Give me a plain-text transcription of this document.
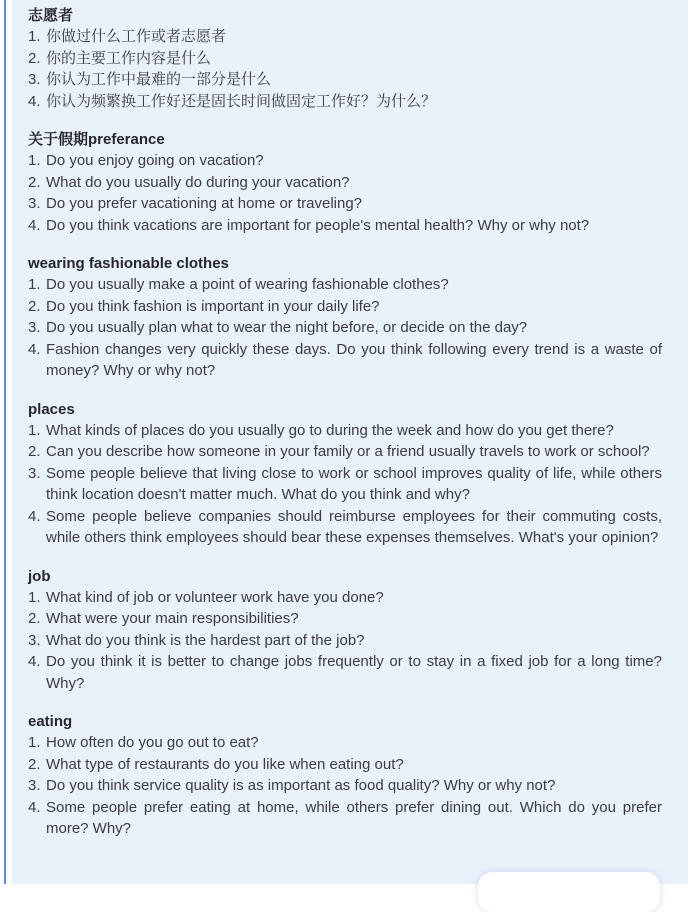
志愿者
你做过什么工作或者志愿者
你的主要工作内容是什么
你认为工作中最难的一部分是什么
你认为频繁换工作好还是固长时间做固定工作好？为什么？
关于假期preferance
Do you enjoy going on vacation?
What do you usually do during your vacation?
Do you prefer vacationing at home or traveling?
Do you think vacations are important for people's mental health? Why or why not?
wearing fashionable clothes
Do you usually make a point of wearing fashionable clothes?
Do you think fashion is important in your daily life?
Do you usually plan what to wear the night before, or decide on the day?
Fashion changes very quickly these days. Do you think following every trend is a waste of money? Why or why not?
places
What kinds of places do you usually go to during the week and how do you get there?
Can you describe how someone in your family or a friend usually travels to work or school?
Some people believe that living close to work or school improves quality of life, while others think location doesn't matter much. What do you think and why?
Some people believe companies should reimburse employees for their commuting costs, while others think employees should bear these expenses themselves. What's your opinion?
job
What kind of job or volunteer work have you done?
What were your main responsibilities?
What do you think is the hardest part of the job?
Do you think it is better to change jobs frequently or to stay in a fixed job for a long time? Why?
eating
How often do you go out to eat?
What type of restaurants do you like when eating out?
Do you think service quality is as important as food quality? Why or why not?
Some people prefer eating at home, while others prefer dining out. Which do you prefer more? Why?
